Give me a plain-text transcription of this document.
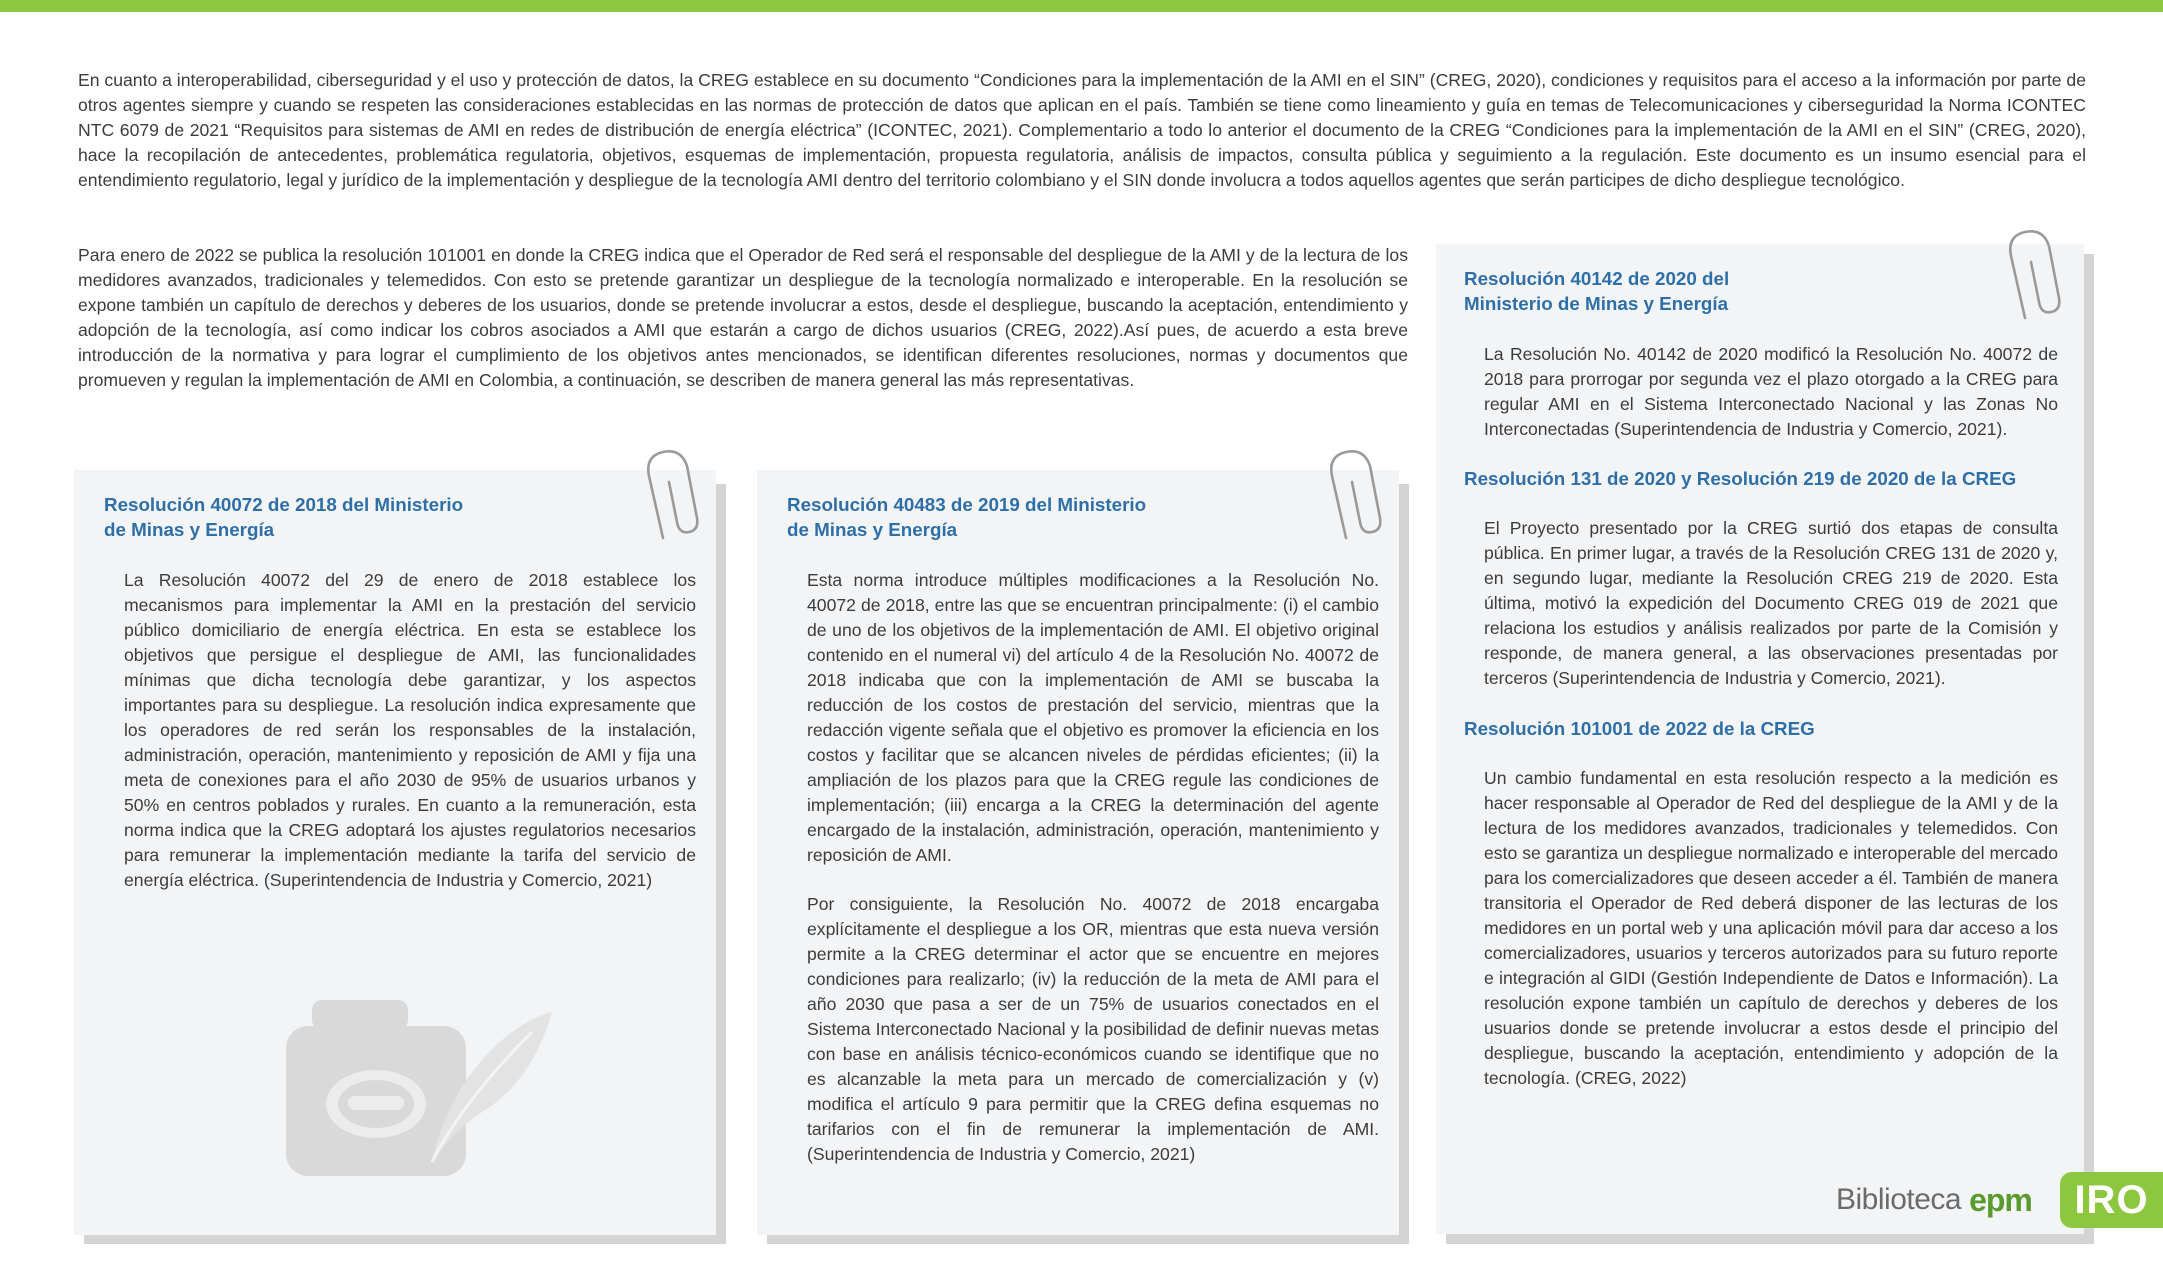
En cuanto a interoperabilidad, ciberseguridad y el uso y protección de datos, la CREG establece en su documento “Condiciones para la implementación de la AMI en el SIN” (CREG, 2020), condiciones y requisitos para el acceso a la información por parte de otros agentes siempre y cuando se respeten las consideraciones establecidas en las normas de protección de datos que aplican en el país. También se tiene como lineamiento y guía en temas de Telecomunicaciones y ciberseguridad la Norma ICONTEC NTC 6079 de 2021 “Requisitos para sistemas de AMI en redes de distribución de energía eléctrica” (ICONTEC, 2021). Complementario a todo lo anterior el documento de la CREG “Condiciones para la implementación de la AMI en el SIN” (CREG, 2020), hace la recopilación de antecedentes, problemática regulatoria, objetivos, esquemas de implementación, propuesta regulatoria, análisis de impactos, consulta pública y seguimiento a la regulación. Este documento es un insumo esencial para el entendimiento regulatorio, legal y jurídico de la implementación y despliegue de la tecnología AMI dentro del territorio colombiano y el SIN donde involucra a todos aquellos agentes que serán participes de dicho despliegue tecnológico.

Para enero de 2022 se publica la resolución 101001 en donde la CREG indica que el Operador de Red será el responsable del despliegue de la AMI y de la lectura de los medidores avanzados, tradicionales y telemedidos. Con esto se pretende garantizar un despliegue de la tecnología normalizado e interoperable. En la resolución se expone también un capítulo de derechos y deberes de los usuarios, donde se pretende involucrar a estos, desde el despliegue, buscando la aceptación, entendimiento y adopción de la tecnología, así como indicar los cobros asociados a AMI que estarán a cargo de dichos usuarios (CREG, 2022).Así pues, de acuerdo a esta breve introducción de la normativa y para lograr el cumplimiento de los objetivos antes mencionados, se identifican diferentes resoluciones, normas y documentos que promueven y regulan la implementación de AMI en Colombia, a continuación, se describen de manera general las más representativas.

Resolución 40072 de 2018 del Ministerio
de Minas y Energía

La Resolución 40072 del 29 de enero de 2018 establece los mecanismos para implementar la AMI en la prestación del servicio público domiciliario de energía eléctrica. En esta se establece los objetivos que persigue el despliegue de AMI, las funcionalidades mínimas que dicha tecnología debe garantizar, y los aspectos importantes para su despliegue. La resolución indica expresamente que los operadores de red serán los responsables de la instalación, administración, operación, mantenimiento y reposición de AMI y fija una meta de conexiones para el año 2030 de 95% de usuarios urbanos y 50% en centros poblados y rurales. En cuanto a la remuneración, esta norma indica que la CREG adoptará los ajustes regulatorios necesarios para remunerar la implementación mediante la tarifa del servicio de energía eléctrica. (Superintendencia de Industria y Comercio, 2021)

Resolución 40483 de 2019 del Ministerio
de Minas y Energía

Esta norma introduce múltiples modificaciones a la Resolución No. 40072 de 2018, entre las que se encuentran principalmente: (i) el cambio de uno de los objetivos de la implementación de AMI. El objetivo original contenido en el numeral vi) del artículo 4 de la Resolución No. 40072 de 2018 indicaba que con la implementación de AMI se buscaba la reducción de los costos de prestación del servicio, mientras que la redacción vigente señala que el objetivo es promover la eficiencia en los costos y facilitar que se alcancen niveles de pérdidas eficientes; (ii) la ampliación de los plazos para que la CREG regule las condiciones de implementación; (iii) encarga a la CREG la determinación del agente encargado de la instalación, administración, operación, mantenimiento y reposición de AMI.

Por consiguiente, la Resolución No. 40072 de 2018 encargaba explícitamente el despliegue a los OR, mientras que esta nueva versión permite a la CREG determinar el actor que se encuentre en mejores condiciones para realizarlo; (iv) la reducción de la meta de AMI para el año 2030 que pasa a ser de un 75% de usuarios conectados en el Sistema Interconectado Nacional y la posibilidad de definir nuevas metas con base en análisis técnico-económicos cuando se identifique que no es alcanzable la meta para un mercado de comercialización y (v) modifica el artículo 9 para permitir que la CREG defina esquemas no tarifarios con el fin de remunerar la implementación de AMI. (Superintendencia de Industria y Comercio, 2021)

Resolución 40142 de 2020 del
Ministerio de Minas y Energía

La Resolución No. 40142 de 2020 modificó la Resolución No. 40072 de 2018 para prorrogar por segunda vez el plazo otorgado a la CREG para regular AMI en el Sistema Interconectado Nacional y las Zonas No Interconectadas (Superintendencia de Industria y Comercio, 2021).

Resolución 131 de 2020 y Resolución 219 de 2020 de la CREG

El Proyecto presentado por la CREG surtió dos etapas de consulta pública. En primer lugar, a través de la Resolución CREG 131 de 2020 y, en segundo lugar, mediante la Resolución CREG 219 de 2020. Esta última, motivó la expedición del Documento CREG 019 de 2021 que relaciona los estudios y análisis realizados por parte de la Comisión y responde, de manera general, a las observaciones presentadas por terceros (Superintendencia de Industria y Comercio, 2021).

Resolución 101001 de 2022 de la CREG

Un cambio fundamental en esta resolución respecto a la medición es hacer responsable al Operador de Red del despliegue de la AMI y de la lectura de los medidores avanzados, tradicionales y telemedidos. Con esto se garantiza un despliegue normalizado e interoperable del mercado para los comercializadores que deseen acceder a él. También de manera transitoria el Operador de Red deberá disponer de las lecturas de los medidores en un portal web y una aplicación móvil para dar acceso a los comercializadores, usuarios y terceros autorizados para su futuro reporte e integración al GIDI (Gestión Independiente de Datos e Información). La resolución expone también un capítulo de derechos y deberes de los usuarios donde se pretende involucrar a estos desde el principio del despliegue, buscando la aceptación, entendimiento y adopción de la tecnología. (CREG, 2022)

Biblioteca epm IRO
